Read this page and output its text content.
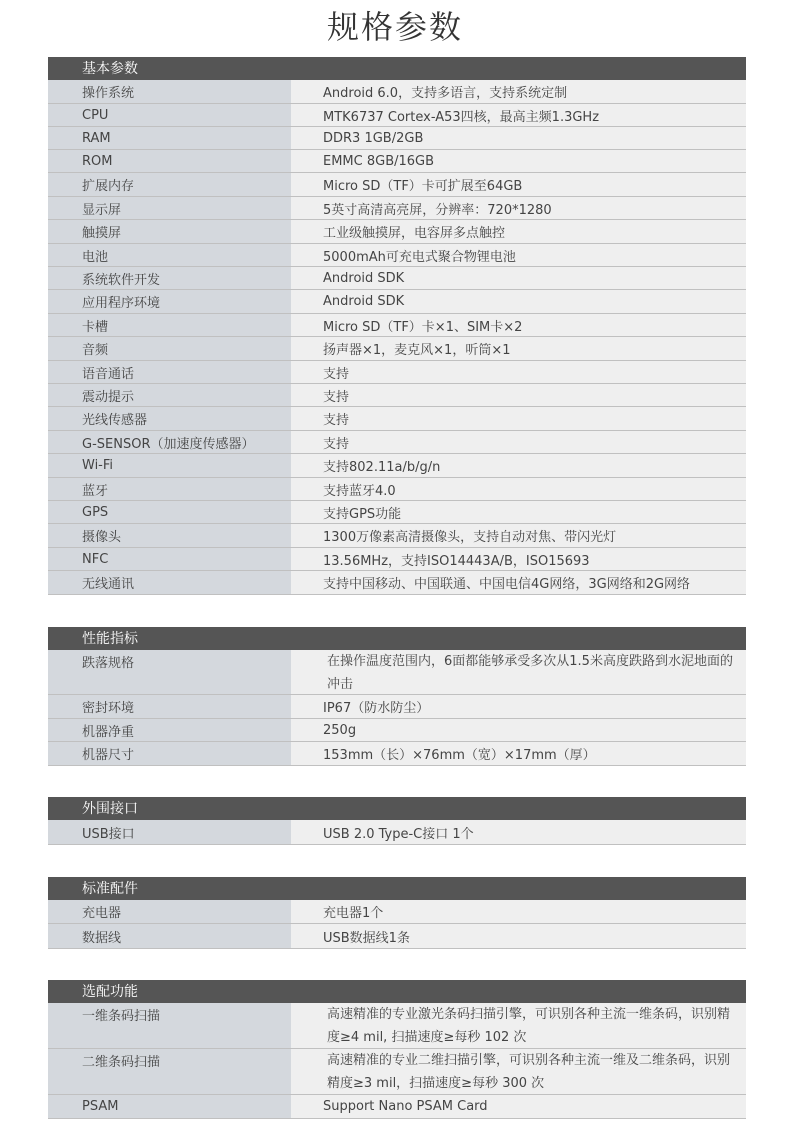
规格参数
基本参数
操作系统	Android 6.0，支持多语言，支持系统定制
CPU	MTK6737 Cortex-A53四核，最高主频1.3GHz
RAM	DDR3 1GB/2GB
ROM	EMMC 8GB/16GB
扩展内存	Micro SD（TF）卡可扩展至64GB
显示屏	5英寸高清高亮屏，分辨率：720*1280
触摸屏	工业级触摸屏，电容屏多点触控
电池	5000mAh可充电式聚合物锂电池
系统软件开发	Android SDK
应用程序环境	Android SDK
卡槽	Micro SD（TF）卡×1、SIM卡×2
音频	扬声器×1，麦克风×1，听筒×1
语音通话	支持
震动提示	支持
光线传感器	支持
G-SENSOR（加速度传感器）	支持
Wi-Fi	支持802.11a/b/g/n
蓝牙	支持蓝牙4.0
GPS	支持GPS功能
摄像头	1300万像素高清摄像头，支持自动对焦、带闪光灯
NFC	13.56MHz，支持ISO14443A/B，ISO15693
无线通讯	支持中国移动、中国联通、中国电信4G网络，3G网络和2G网络
性能指标
跌落规格	在操作温度范围内，6面都能够承受多次从1.5米高度跌路到水泥地面的冲击
密封环境	IP67（防水防尘）
机器净重	250g
机器尺寸	153mm（长）×76mm（宽）×17mm（厚）
外围接口
USB接口	USB 2.0 Type-C接口 1个
标准配件
充电器	充电器1个
数据线	USB数据线1条
选配功能
一维条码扫描	高速精准的专业激光条码扫描引擎，可识别各种主流一维条码，识别精度≥4 mil, 扫描速度≥每秒 102 次
二维条码扫描	高速精准的专业二维扫描引擎，可识别各种主流一维及二维条码，识别精度≥3 mil，扫描速度≥每秒 300 次
PSAM	Support Nano PSAM Card
